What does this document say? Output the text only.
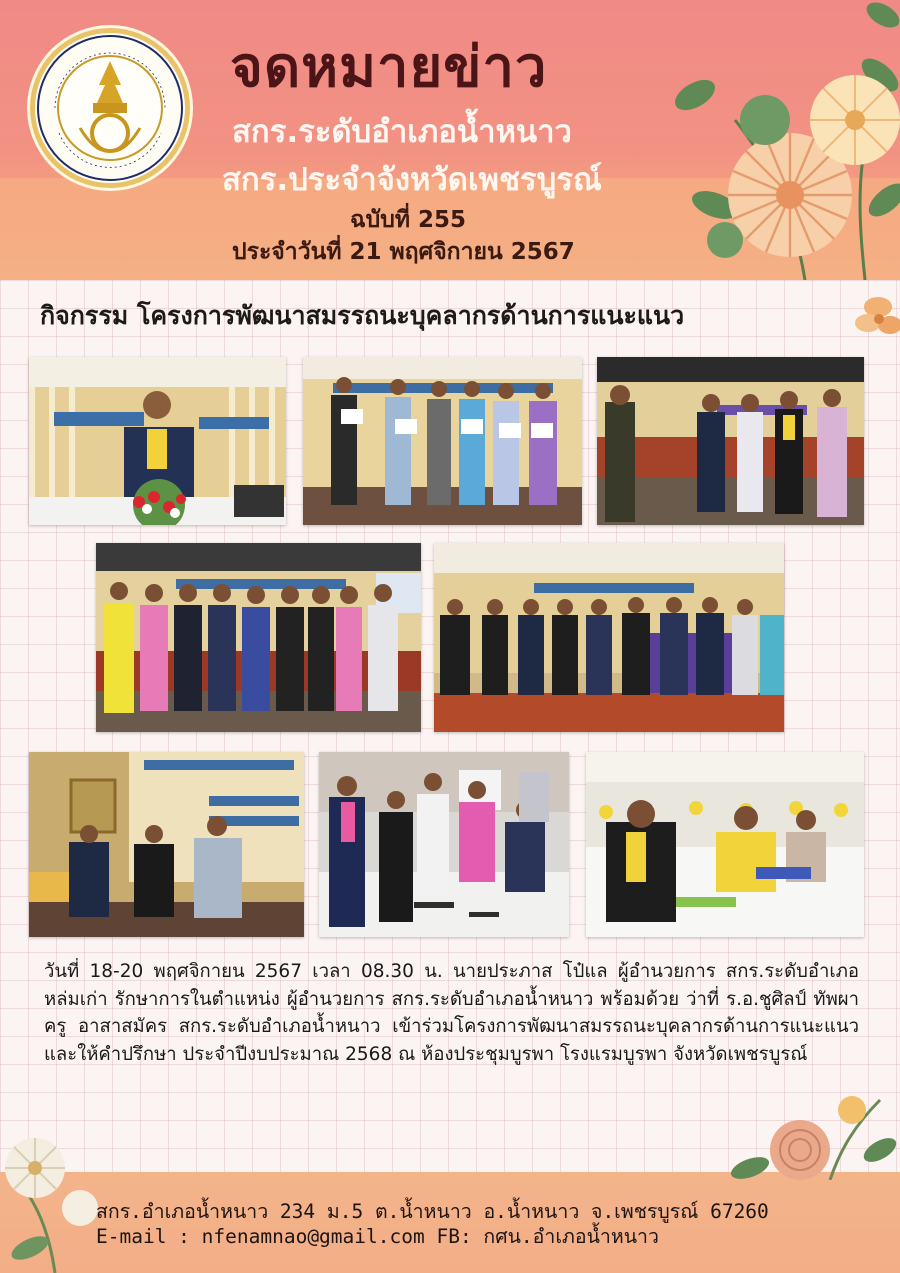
จดหมายข่าว
สกร.ระดับอำเภอน้ำหนาว
สกร.ประจำจังหวัดเพชรบูรณ์
ฉบับที่ 255
ประจำวันที่ 21 พฤศจิกายน 2567
กิจกรรม โครงการพัฒนาสมรรถนะบุคลากรด้านการแนะแนว
วันที่ 18-20 พฤศจิกายน 2567 เวลา 08.30 น. นายประภาส โป๋แล ผู้อำนวยการ สกร.ระดับอำเภอหล่มเก่า รักษาการในตำแหน่ง ผู้อำนวยการ สกร.ระดับอำเภอน้ำหนาว พร้อมด้วย ว่าที่ ร.อ.ชูศิลป์ ทัพผา ครู อาสาสมัคร สกร.ระดับอำเภอน้ำหนาว เข้าร่วมโครงการพัฒนาสมรรถนะบุคลากรด้านการแนะแนวและให้คำปรึกษา ประจำปีงบประมาณ 2568 ณ ห้องประชุมบูรพา โรงแรมบูรพา จังหวัดเพชรบูรณ์
สกร.อำเภอน้ำหนาว 234 ม.5 ต.น้ำหนาว อ.น้ำหนาว จ.เพชรบูรณ์ 67260
E-mail : nfenamnao@gmail.com FB: กศน.อำเภอน้ำหนาว
